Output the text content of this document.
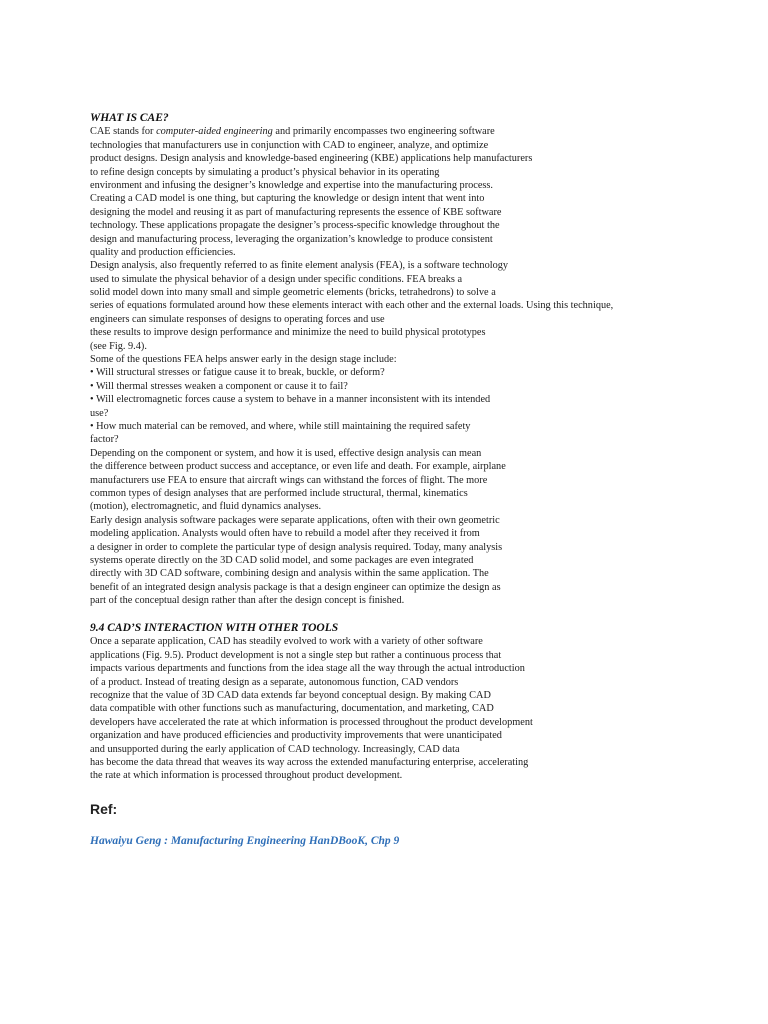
WHAT IS CAE?
CAE stands for computer-aided engineering and primarily encompasses two engineering software
technologies that manufacturers use in conjunction with CAD to engineer, analyze, and optimize
product designs. Design analysis and knowledge-based engineering (KBE) applications help manufacturers
to refine design concepts by simulating a product’s physical behavior in its operating
environment and infusing the designer’s knowledge and expertise into the manufacturing process.
Creating a CAD model is one thing, but capturing the knowledge or design intent that went into
designing the model and reusing it as part of manufacturing represents the essence of KBE software
technology. These applications propagate the designer’s process-specific knowledge throughout the
design and manufacturing process, leveraging the organization’s knowledge to produce consistent
quality and production efficiencies.
Design analysis, also frequently referred to as finite element analysis (FEA), is a software technology
used to simulate the physical behavior of a design under specific conditions. FEA breaks a
solid model down into many small and simple geometric elements (bricks, tetrahedrons) to solve a
series of equations formulated around how these elements interact with each other and the external loads. Using this technique,
engineers can simulate responses of designs to operating forces and use
these results to improve design performance and minimize the need to build physical prototypes
(see Fig. 9.4).
Some of the questions FEA helps answer early in the design stage include:
• Will structural stresses or fatigue cause it to break, buckle, or deform?
• Will thermal stresses weaken a component or cause it to fail?
• Will electromagnetic forces cause a system to behave in a manner inconsistent with its intended
use?
• How much material can be removed, and where, while still maintaining the required safety
factor?
Depending on the component or system, and how it is used, effective design analysis can mean
the difference between product success and acceptance, or even life and death. For example, airplane
manufacturers use FEA to ensure that aircraft wings can withstand the forces of flight. The more
common types of design analyses that are performed include structural, thermal, kinematics
(motion), electromagnetic, and fluid dynamics analyses.
Early design analysis software packages were separate applications, often with their own geometric
modeling application. Analysts would often have to rebuild a model after they received it from
a designer in order to complete the particular type of design analysis required. Today, many analysis
systems operate directly on the 3D CAD solid model, and some packages are even integrated
directly with 3D CAD software, combining design and analysis within the same application. The
benefit of an integrated design analysis package is that a design engineer can optimize the design as
part of the conceptual design rather than after the design concept is finished.
9.4 CAD’S INTERACTION WITH OTHER TOOLS
Once a separate application, CAD has steadily evolved to work with a variety of other software
applications (Fig. 9.5). Product development is not a single step but rather a continuous process that
impacts various departments and functions from the idea stage all the way through the actual introduction
of a product. Instead of treating design as a separate, autonomous function, CAD vendors
recognize that the value of 3D CAD data extends far beyond conceptual design. By making CAD
data compatible with other functions such as manufacturing, documentation, and marketing, CAD
developers have accelerated the rate at which information is processed throughout the product development
organization and have produced efficiencies and productivity improvements that were unanticipated
and unsupported during the early application of CAD technology. Increasingly, CAD data
has become the data thread that weaves its way across the extended manufacturing enterprise, accelerating
the rate at which information is processed throughout product development.
Ref:
Hawaiyu Geng : Manufacturing Engineering HanDBooK, Chp 9
